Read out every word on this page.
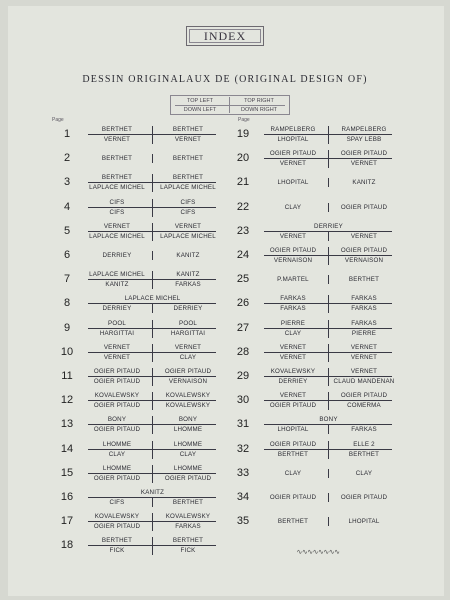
INDEX
DESSIN ORIGINALAUX DE (ORIGINAL DESIGN OF)
TOP LEFT	TOP RIGHT
DOWN LEFT	DOWN RIGHT
Page	Page
1	BERTHET	BERTHET
VERNET	VERNET
2	BERTHET	BERTHET
3	BERTHET	BERTHET
LAPLACE MICHEL	LAPLACE MICHEL
4	CIFS	CIFS
CIFS	CIFS
5	VERNET	VERNET
LAPLACE MICHEL	LAPLACE MICHEL
6	DERRIEY	KANITZ
7	LAPLACE MICHEL	KANITZ
KANITZ	FARKAS
8	LAPLACE MICHEL
DERRIEY	DERRIEY
9	POOL	POOL
HARGITTAI	HARGITTAI
10	VERNET	VERNET
VERNET	CLAY
11	OGIER PITAUD	OGIER PITAUD
OGIER PITAUD	VERNAISON
12	KOVALEWSKY	KOVALEWSKY
OGIER PITAUD	KOVALEWSKY
13	BONY	BONY
OGIER PITAUD	LHOMME
14	LHOMME	LHOMME
CLAY	CLAY
15	LHOMME	LHOMME
OGIER PITAUD	OGIER PITAUD
16	KANITZ
CIFS	BERTHET
17	KOVALEWSKY	KOVALEWSKY
OGIER PITAUD	FARKAS
18	BERTHET	BERTHET
FICK	FICK
19	RAMPELBERG	RAMPELBERG
LHOPITAL	SPAY LEBB
20	OGIER PITAUD	OGIER PITAUD
VERNET	VERNET
21	LHOPITAL	KANITZ
22	CLAY	OGIER PITAUD
23	DERRIEY
VERNET	VERNET
24	OGIER PITAUD	OGIER PITAUD
VERNAISON	VERNAISON
25	P.MARTEL	BERTHET
26	FARKAS	FARKAS
FARKAS	FARKAS
27	PIERRE	FARKAS
CLAY	PIERRE
28	VERNET	VERNET
VERNET	VERNET
29	KOVALEWSKY	VERNET
DERRIEY	CLAUD MANDENAN
30	VERNET	OGIER PITAUD
OGIER PITAUD	COMERMA
31	BONY
LHOPITAL	FARKAS
32	OGIER PITAUD	ELLE 2
BERTHET	BERTHET
33	CLAY	CLAY
34	OGIER PITAUD	OGIER PITAUD
35	BERTHET	LHOPITAL
∿∿∿∿∿∿∿∿
